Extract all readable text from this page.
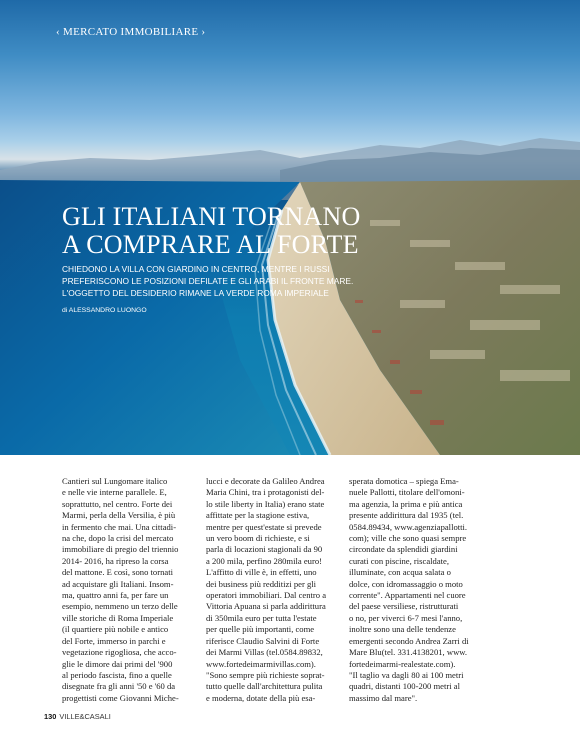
‹ MERCATO IMMOBILIARE ›
GLI ITALIANI TORNANO
A COMPRARE AL FORTE

CHIEDONO LA VILLA CON GIARDINO IN CENTRO, MENTRE I RUSSI PREFERISCONO LE POSIZIONI DEFILATE E GLI ARABI IL FRONTE MARE. L'OGGETTO DEL DESIDERIO RIMANE LA VERDE ROMA IMPERIALE

di ALESSANDRO LUONGO

Cantieri sul Lungomare italico
e nelle vie interne parallele. E,
soprattutto, nel centro. Forte dei
Marmi, perla della Versilia, è più
in fermento che mai. Una cittadi-
na che, dopo la crisi del mercato
immobiliare di pregio del triennio
2014- 2016, ha ripreso la corsa
del mattone. E così, sono tornati
ad acquistare gli Italiani. Insom-
ma, quattro anni fa, per fare un
esempio, nemmeno un terzo delle
ville storiche di Roma Imperiale
(il quartiere più nobile e antico
del Forte, immerso in parchi e
vegetazione rigogliosa, che acco-
glie le dimore dai primi del '900
al periodo fascista, fino a quelle
disegnate fra gli anni '50 e '60 da
progettisti come Giovanni Miche-

lucci e decorate da Galileo Andrea
Maria Chini, tra i protagonisti del-
lo stile liberty in Italia) erano state
affittate per la stagione estiva,
mentre per quest'estate si prevede
un vero boom di richieste, e si
parla di locazioni stagionali da 90
a 200 mila, perfino 280mila euro!
L'affitto di ville è, in effetti, uno
dei business più redditizi per gli
operatori immobiliari. Dal centro a
Vittoria Apuana si parla addirittura
di 350mila euro per tutta l'estate
per quelle più importanti, come
riferisce Claudio Salvini di Forte
dei Marmi Villas (tel.0584.89832,
www.fortedeimarmivillas.com).
"Sono sempre più richieste soprat-
tutto quelle dall'architettura pulita
e moderna, dotate della più esa-

sperata domotica – spiega Ema-
nuele Pallotti, titolare dell'omoni-
ma agenzia, la prima e più antica
presente addirittura dal 1935 (tel.
0584.89434, www.agenziapallotti.
com); ville che sono quasi sempre
circondate da splendidi giardini
curati con piscine, riscaldate,
illuminate, con acqua salata o
dolce, con idromassaggio o moto
corrente". Appartamenti nel cuore
del paese versiliese, ristrutturati
o no, per viverci 6-7 mesi l'anno,
inoltre sono una delle tendenze
emergenti secondo Andrea Zarri di
Mare Blu(tel. 331.4138201, www.
fortedeimarmi-realestate.com).
"Il taglio va dagli 80 ai 100 metri
quadri, distanti 100-200 metri al
massimo dal mare".

130 VILLE&CASALI
